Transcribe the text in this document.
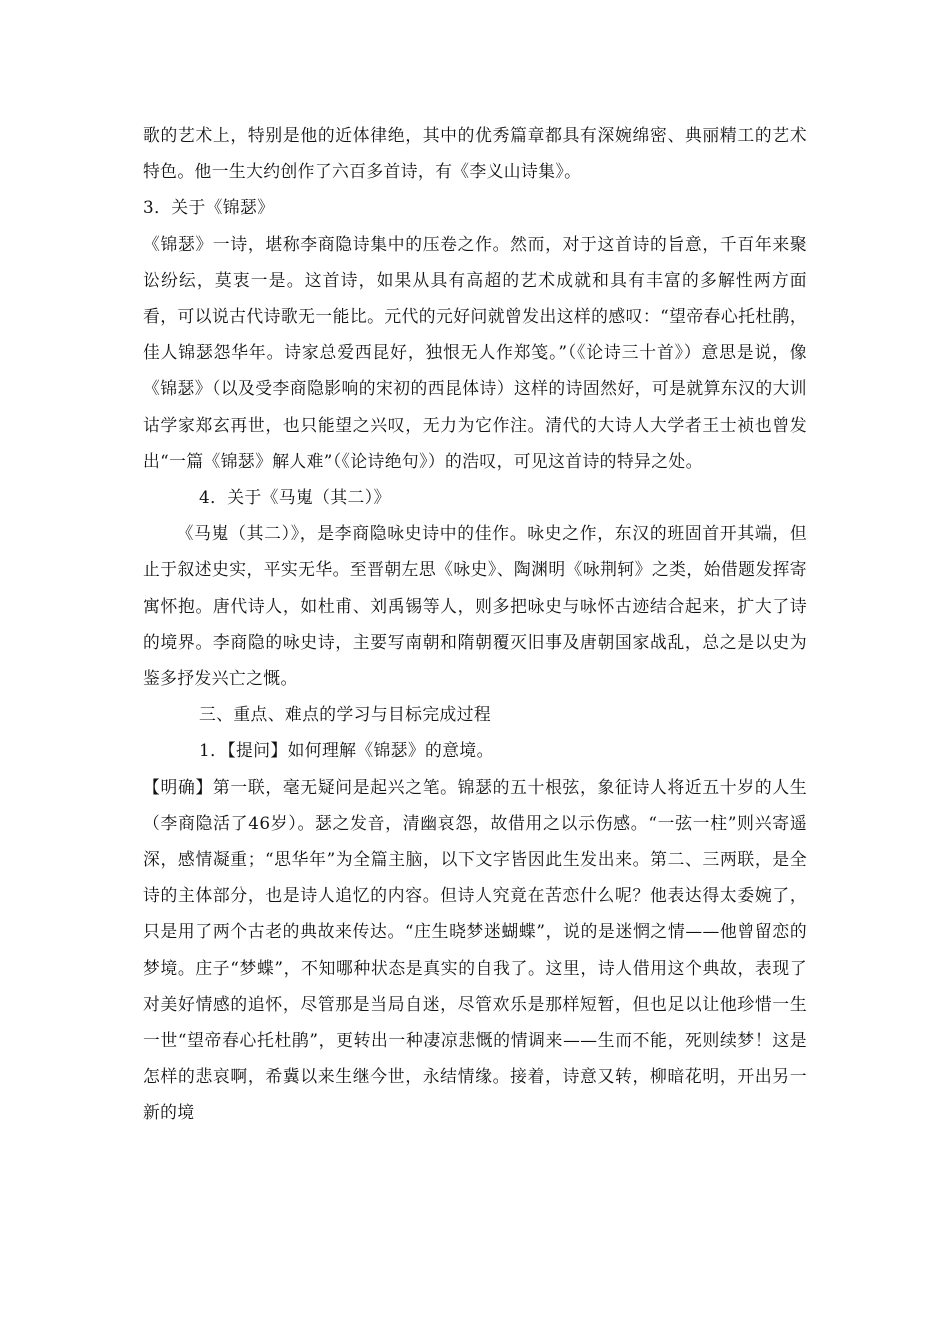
歌的艺术上，特别是他的近体律绝，其中的优秀篇章都具有深婉绵密、典丽精工的艺术特色。他一生大约创作了六百多首诗，有《李义山诗集》。

3．关于《锦瑟》

《锦瑟》一诗，堪称李商隐诗集中的压卷之作。然而，对于这首诗的旨意，千百年来聚讼纷纭，莫衷一是。这首诗，如果从具有高超的艺术成就和具有丰富的多解性两方面看，可以说古代诗歌无一能比。元代的元好问就曾发出这样的感叹：“望帝春心托杜鹃，佳人锦瑟怨华年。诗家总爱西昆好，独恨无人作郑笺。”（《论诗三十首》）意思是说，像《锦瑟》（以及受李商隐影响的宋初的西昆体诗）这样的诗固然好，可是就算东汉的大训诂学家郑玄再世，也只能望之兴叹，无力为它作注。清代的大诗人大学者王士祯也曾发出“一篇《锦瑟》解人难”（《论诗绝句》）的浩叹，可见这首诗的特异之处。

4．关于《马嵬（其二）》

《马嵬（其二）》，是李商隐咏史诗中的佳作。咏史之作，东汉的班固首开其端，但止于叙述史实，平实无华。至晋朝左思《咏史》、陶渊明《咏荆轲》之类，始借题发挥寄寓怀抱。唐代诗人，如杜甫、刘禹锡等人，则多把咏史与咏怀古迹结合起来，扩大了诗的境界。李商隐的咏史诗，主要写南朝和隋朝覆灭旧事及唐朝国家战乱，总之是以史为鉴多抒发兴亡之慨。

三、重点、难点的学习与目标完成过程

1．【提问】如何理解《锦瑟》的意境。

【明确】第一联，毫无疑问是起兴之笔。锦瑟的五十根弦，象征诗人将近五十岁的人生（李商隐活了46岁）。瑟之发音，清幽哀怨，故借用之以示伤感。“一弦一柱”则兴寄遥深，感情凝重；“思华年”为全篇主脑，以下文字皆因此生发出来。第二、三两联，是全诗的主体部分，也是诗人追忆的内容。但诗人究竟在苦恋什么呢？他表达得太委婉了，只是用了两个古老的典故来传达。“庄生晓梦迷蝴蝶”，说的是迷惘之情——他曾留恋的梦境。庄子“梦蝶”，不知哪种状态是真实的自我了。这里，诗人借用这个典故，表现了对美好情感的追怀，尽管那是当局自迷，尽管欢乐是那样短暂，但也足以让他珍惜一生一世“望帝春心托杜鹃”，更转出一种凄凉悲慨的情调来——生而不能，死则续梦！这是怎样的悲哀啊，希冀以来生继今世，永结情缘。接着，诗意又转，柳暗花明，开出另一新的境
